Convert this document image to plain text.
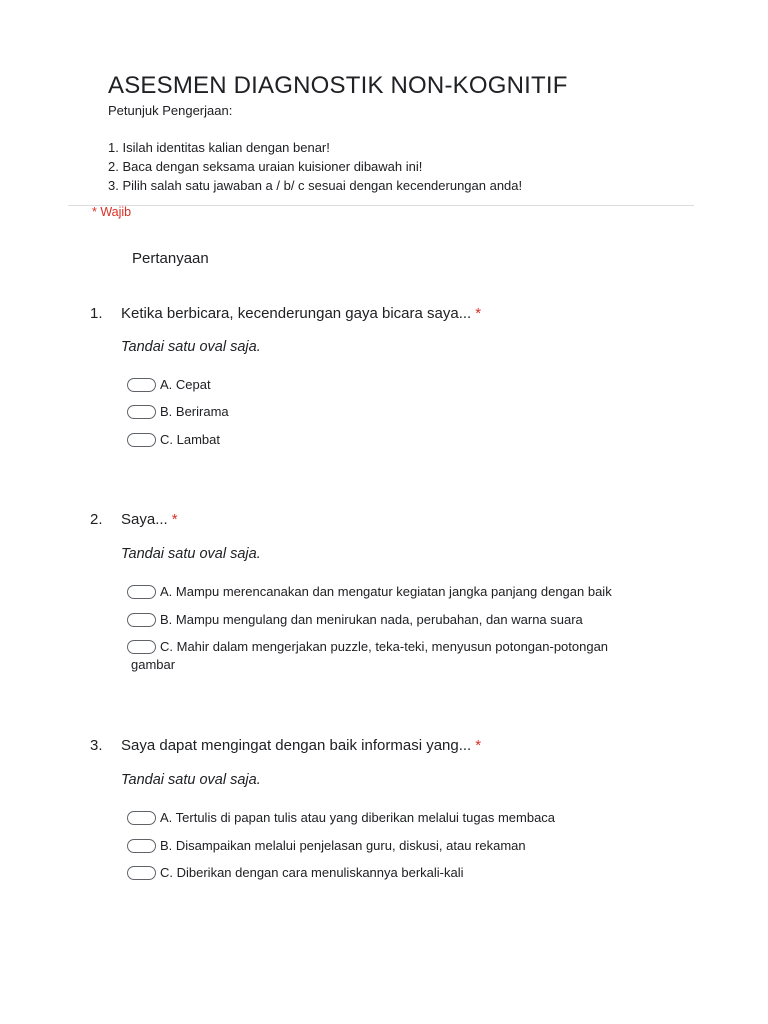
ASESMEN DIAGNOSTIK NON-KOGNITIF
Petunjuk Pengerjaan:
1. Isilah identitas kalian dengan benar!
2. Baca dengan seksama uraian kuisioner dibawah ini!
3. Pilih salah satu jawaban a / b/ c sesuai dengan kecenderungan anda!
* Wajib
Pertanyaan
1. Ketika berbicara, kecenderungan gaya bicara saya... *
Tandai satu oval saja.
A. Cepat
B. Berirama
C. Lambat
2. Saya... *
Tandai satu oval saja.
A. Mampu merencanakan dan mengatur kegiatan jangka panjang dengan baik
B. Mampu mengulang dan menirukan nada, perubahan, dan warna suara
C. Mahir dalam mengerjakan puzzle, teka-teki, menyusun potongan-potongan
gambar
3. Saya dapat mengingat dengan baik informasi yang... *
Tandai satu oval saja.
A. Tertulis di papan tulis atau yang diberikan melalui tugas membaca
B. Disampaikan melalui penjelasan guru, diskusi, atau rekaman
C. Diberikan dengan cara menuliskannya berkali-kali
